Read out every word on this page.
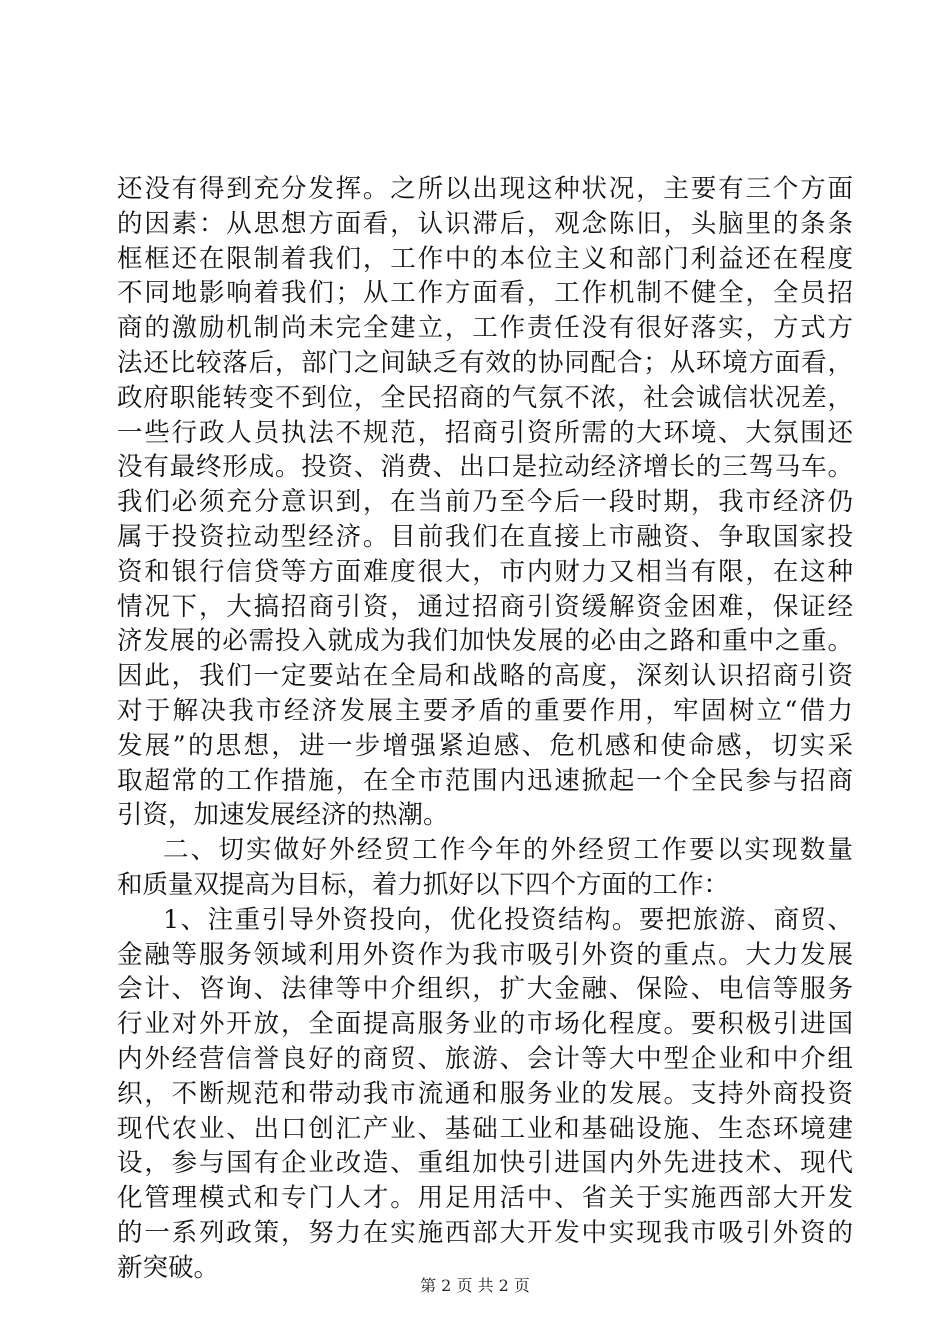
还没有得到充分发挥。之所以出现这种状况，主要有三个方面
的因素：从思想方面看，认识滞后，观念陈旧，头脑里的条条
框框还在限制着我们，工作中的本位主义和部门利益还在程度
不同地影响着我们；从工作方面看，工作机制不健全，全员招
商的激励机制尚未完全建立，工作责任没有很好落实，方式方
法还比较落后，部门之间缺乏有效的协同配合；从环境方面看，
政府职能转变不到位，全民招商的气氛不浓，社会诚信状况差，
一些行政人员执法不规范，招商引资所需的大环境、大氛围还
没有最终形成。投资、消费、出口是拉动经济增长的三驾马车。
我们必须充分意识到，在当前乃至今后一段时期，我市经济仍
属于投资拉动型经济。目前我们在直接上市融资、争取国家投
资和银行信贷等方面难度很大，市内财力又相当有限，在这种
情况下，大搞招商引资，通过招商引资缓解资金困难，保证经
济发展的必需投入就成为我们加快发展的必由之路和重中之重。
因此，我们一定要站在全局和战略的高度，深刻认识招商引资
对于解决我市经济发展主要矛盾的重要作用，牢固树立“借力
发展”的思想，进一步增强紧迫感、危机感和使命感，切实采
取超常的工作措施，在全市范围内迅速掀起一个全民参与招商
引资，加速发展经济的热潮。
二、切实做好外经贸工作今年的外经贸工作要以实现数量
和质量双提高为目标，着力抓好以下四个方面的工作：
1、注重引导外资投向，优化投资结构。要把旅游、商贸、
金融等服务领域利用外资作为我市吸引外资的重点。大力发展
会计、咨询、法律等中介组织，扩大金融、保险、电信等服务
行业对外开放，全面提高服务业的市场化程度。要积极引进国
内外经营信誉良好的商贸、旅游、会计等大中型企业和中介组
织，不断规范和带动我市流通和服务业的发展。支持外商投资
现代农业、出口创汇产业、基础工业和基础设施、生态环境建
设，参与国有企业改造、重组加快引进国内外先进技术、现代
化管理模式和专门人才。用足用活中、省关于实施西部大开发
的一系列政策，努力在实施西部大开发中实现我市吸引外资的
新突破。
第 2 页 共 2 页
